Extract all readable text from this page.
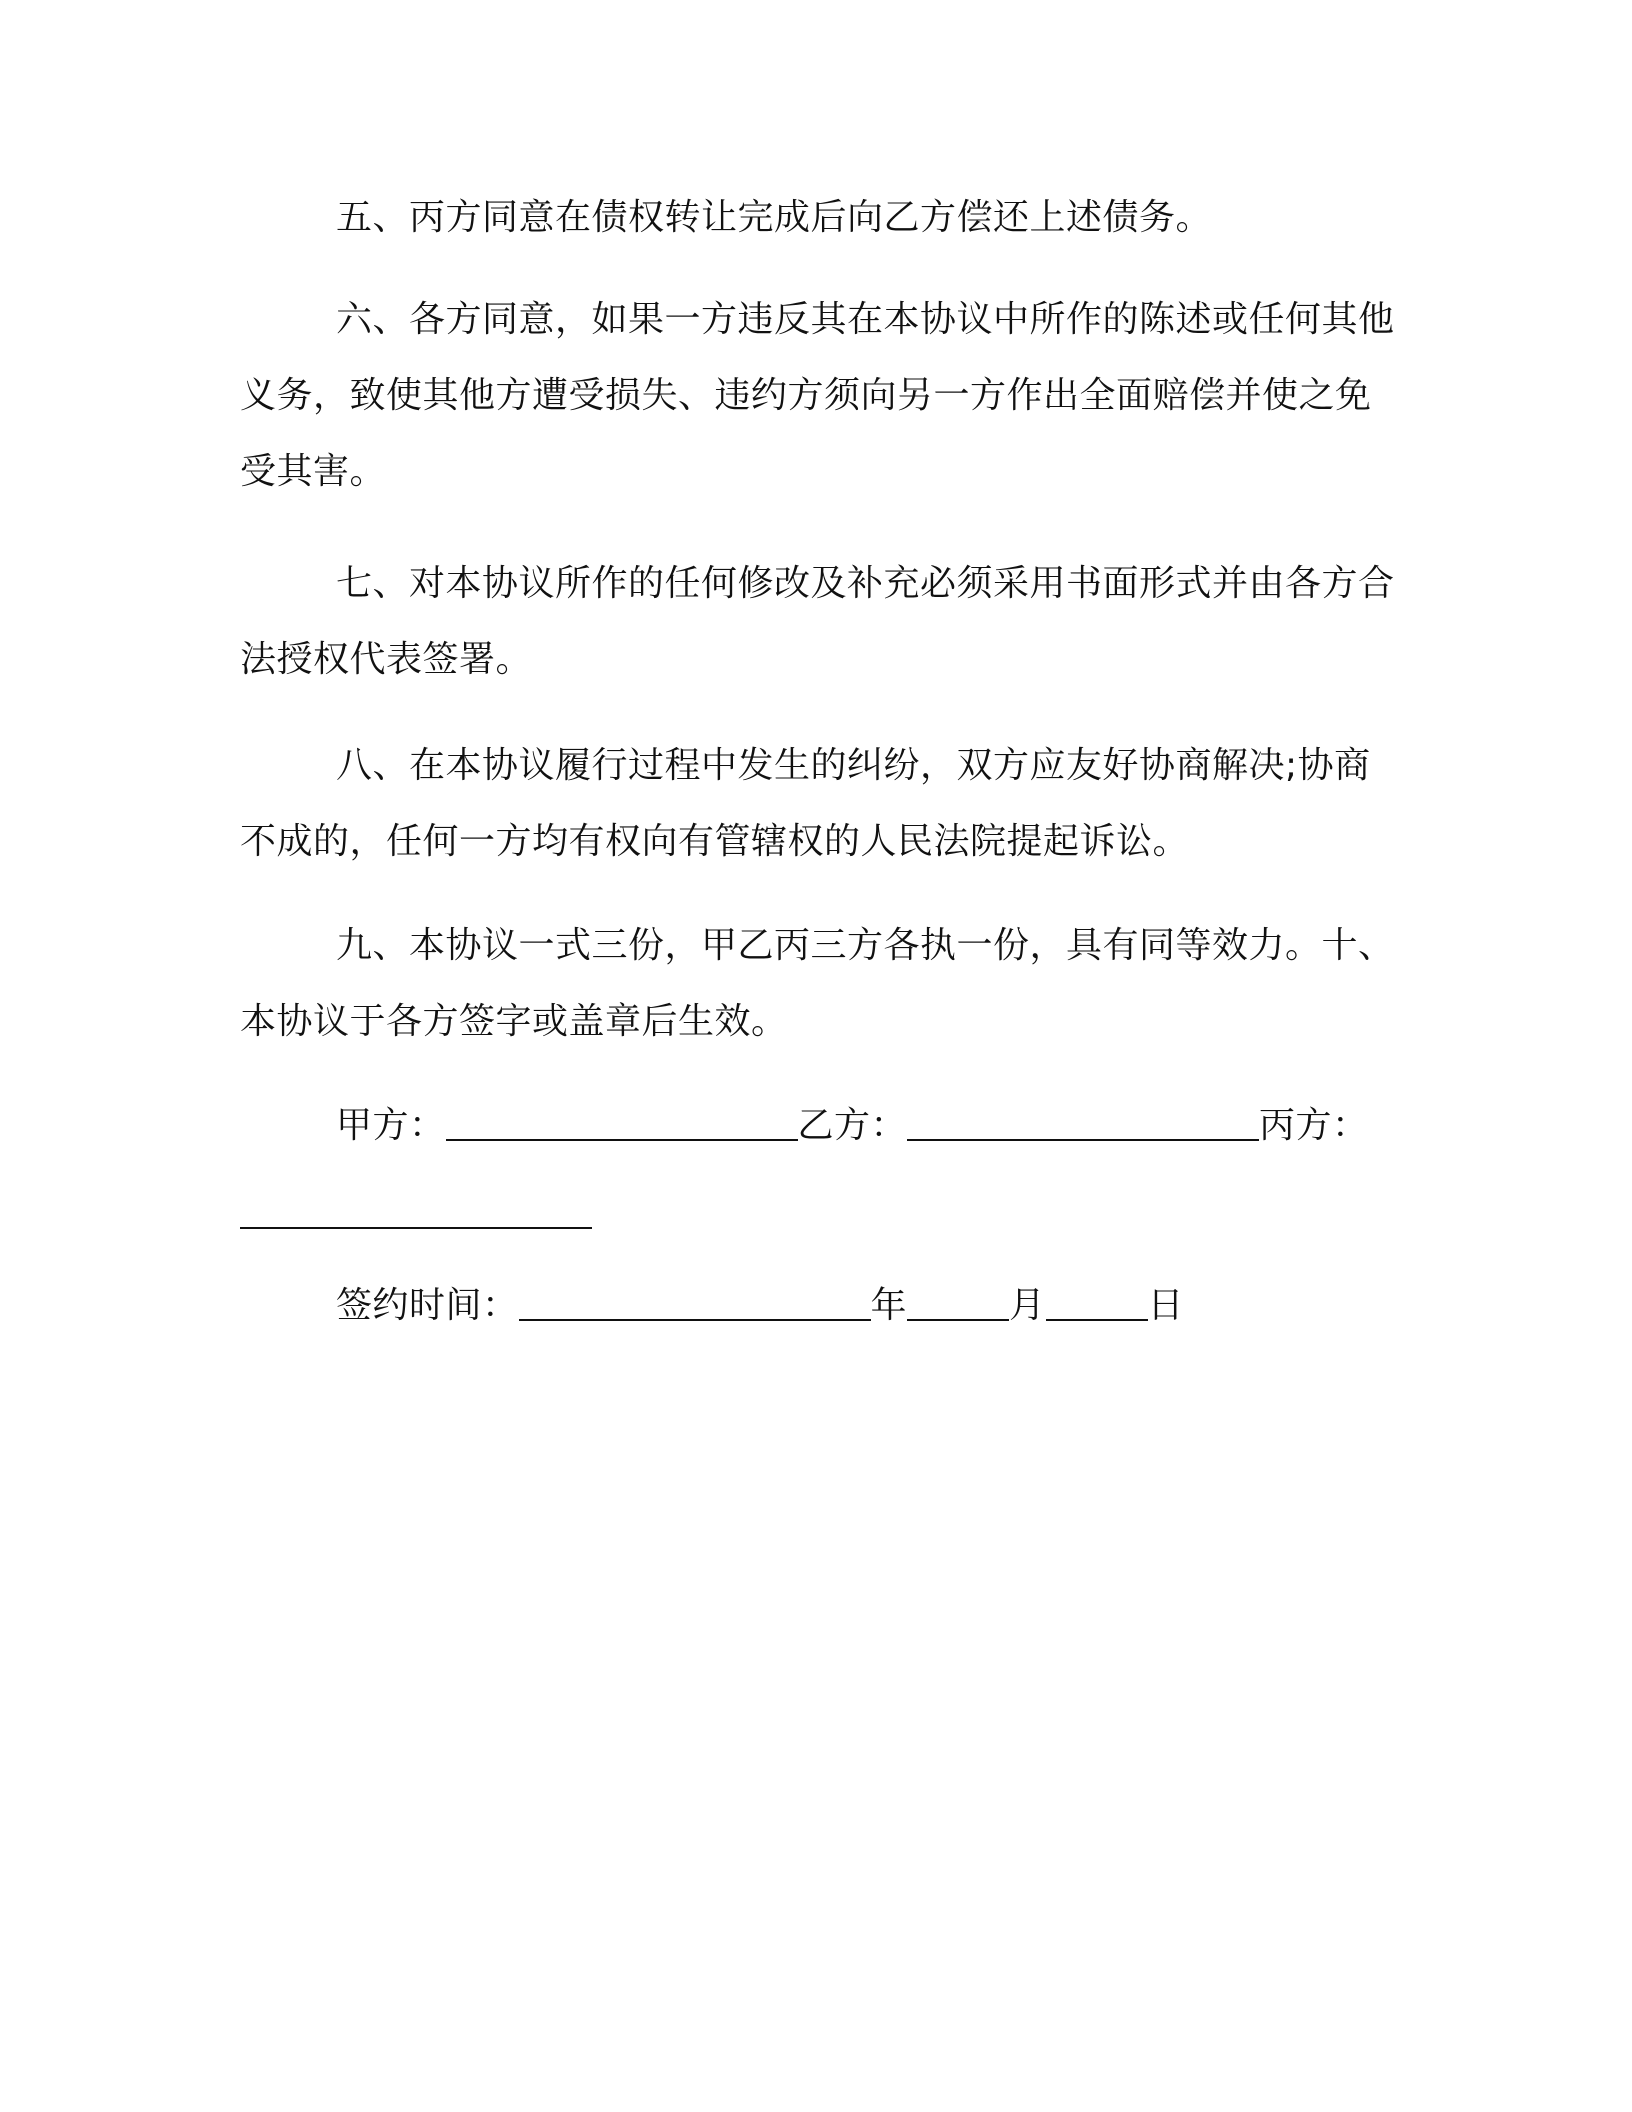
五、丙方同意在债权转让完成后向乙方偿还上述债务。

六、各方同意，如果一方违反其在本协议中所作的陈述或任何其他义务，致使其他方遭受损失、违约方须向另一方作出全面赔偿并使之免受其害。

七、对本协议所作的任何修改及补充必须采用书面形式并由各方合法授权代表签署。

八、在本协议履行过程中发生的纠纷，双方应友好协商解决;协商不成的，任何一方均有权向有管辖权的人民法院提起诉讼。

九、本协议一式三份，甲乙丙三方各执一份，具有同等效力。十、本协议于各方签字或盖章后生效。

甲方：	乙方：	丙方：
签约时间：	年	月	日
